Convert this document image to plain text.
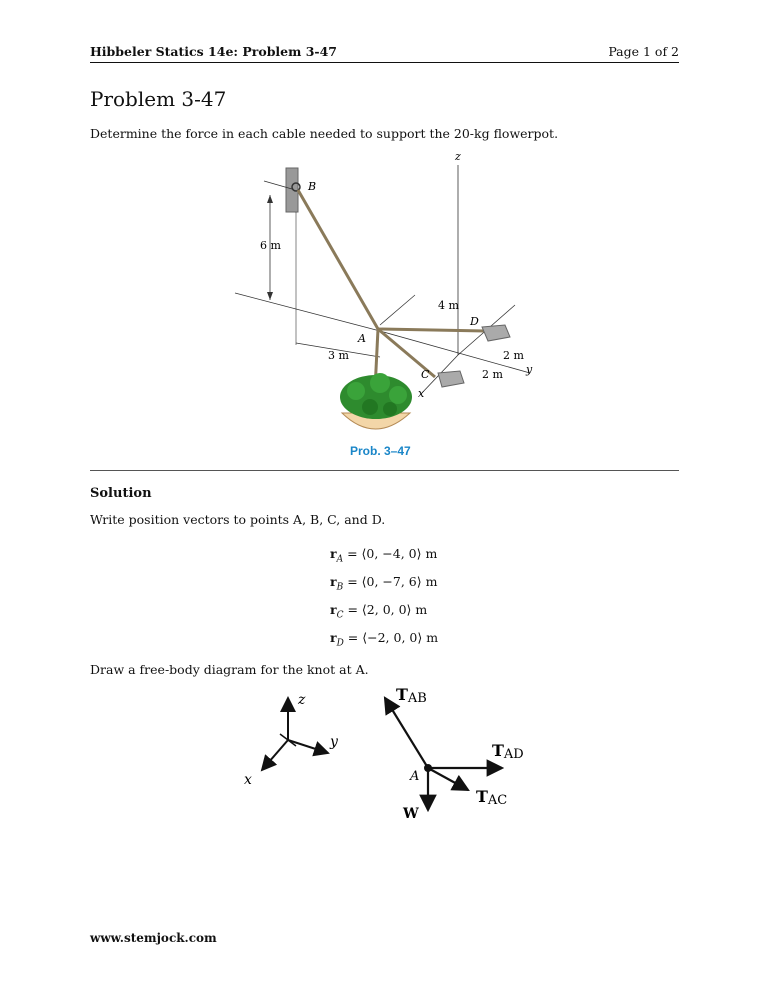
Hibbeler Statics 14e: Problem 3-47	Page 1 of 2
Problem 3-47
Determine the force in each cable needed to support the 20-kg flowerpot.
6 m
z
4 m
3 m
B
D
A
2 m
y
C	2 m
x
Prob. 3–47
Solution
Write position vectors to points A, B, C, and D.
$r_A$ = ⟨0, −4, 0⟩ m
$r_B$ = ⟨0, −7, 6⟩ m
$r_C$ = ⟨2, 0, 0⟩ m
$r_D$ = ⟨−2, 0, 0⟩ m
Draw a free-body diagram for the knot at A.
z
y
x	A
TAB
TAD
TAC
W
www.stemjock.com
